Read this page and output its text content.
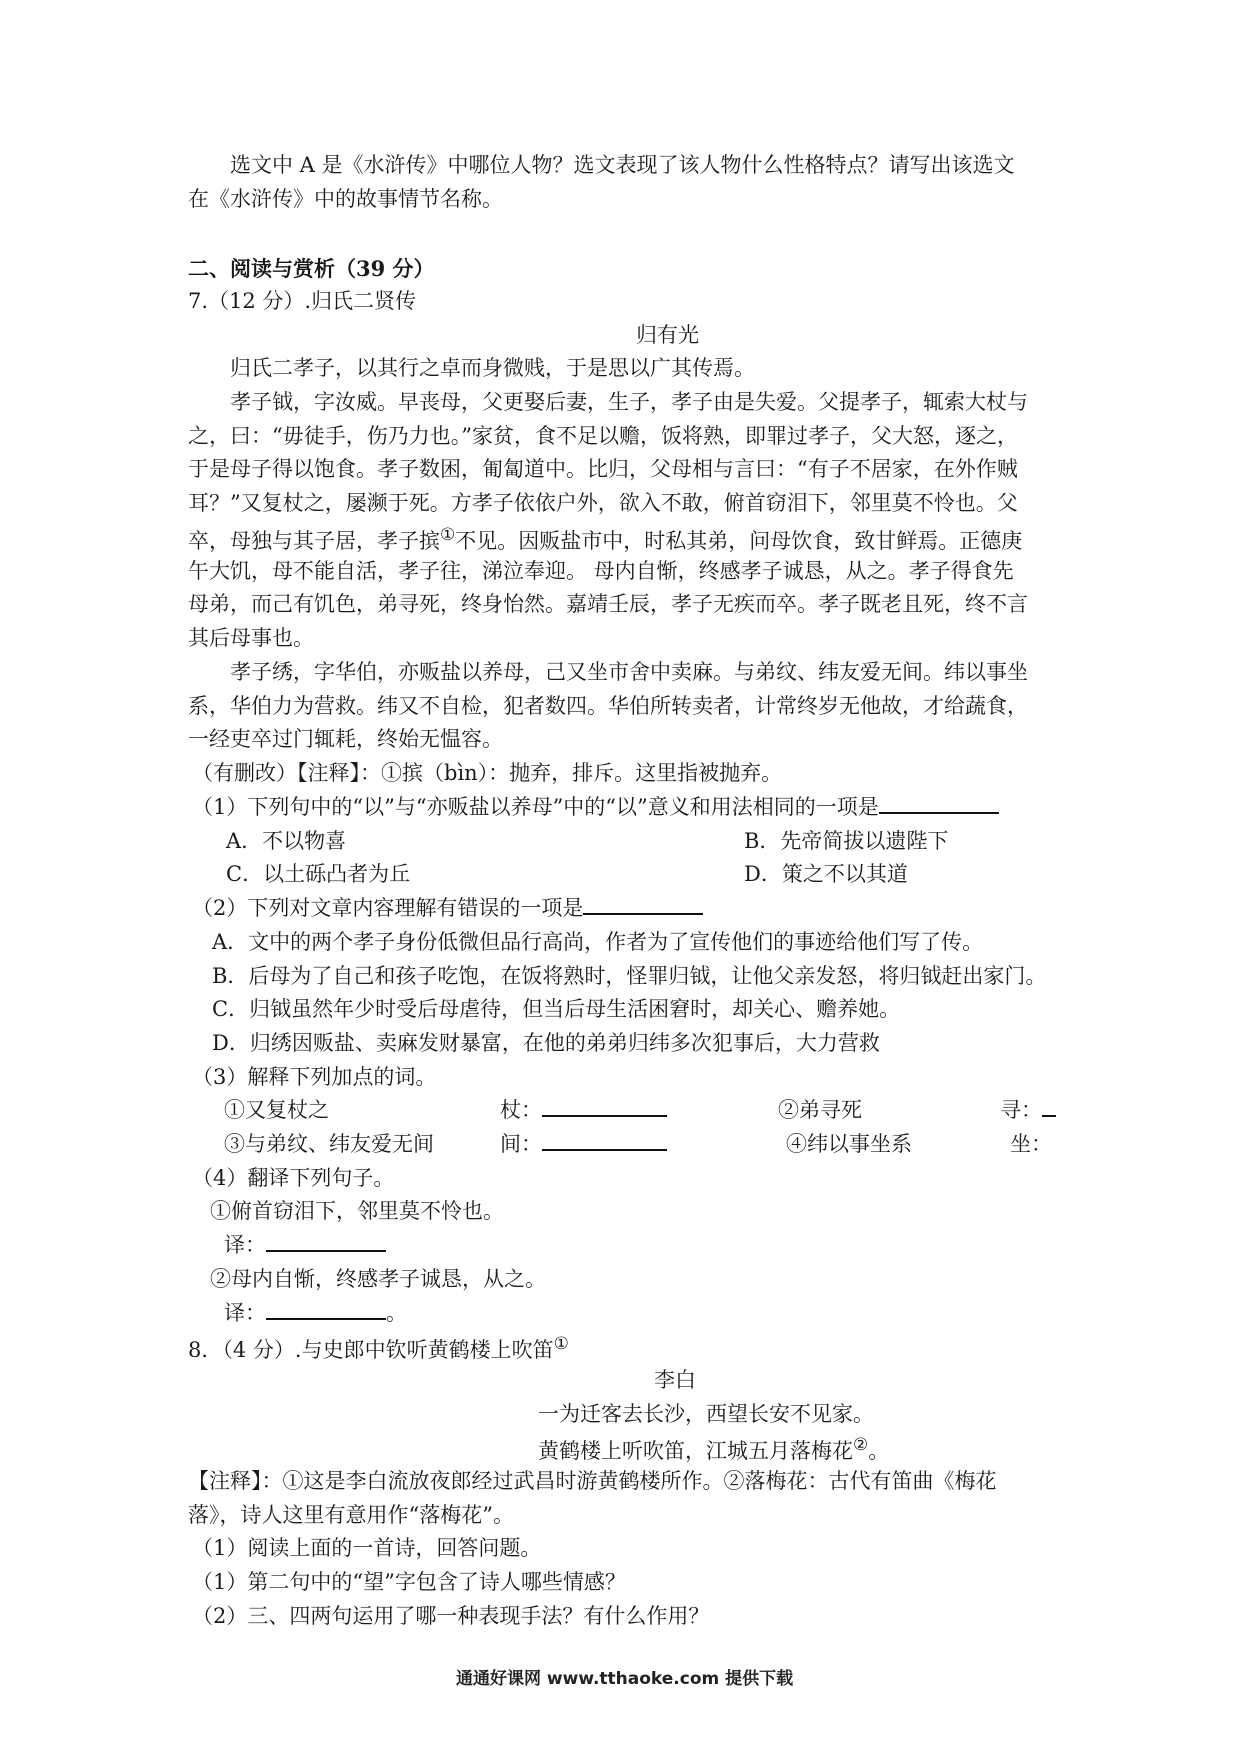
选文中 A 是《水浒传》中哪位人物？选文表现了该人物什么性格特点？请写出该选文
在《水浒传》中的故事情节名称。
二、阅读与赏析（39 分）
7.（12 分）.归氏二贤传
归有光
归氏二孝子，以其行之卓而身微贱，于是思以广其传焉。
孝子钺，字汝威。早丧母，父更娶后妻，生子，孝子由是失爱。父提孝子，辄索大杖与
之，曰：“毋徒手，伤乃力也。”家贫，食不足以赡，饭将熟，即罪过孝子，父大怒，逐之，
于是母子得以饱食。孝子数困，匍匐道中。比归，父母相与言曰：“有子不居家，在外作贼
耳？”又复杖之，屡濒于死。方孝子依依户外，欲入不敢，俯首窃泪下，邻里莫不怜也。父
卒，母独与其子居，孝子摈①不见。因贩盐市中，时私其弟，问母饮食，致甘鲜焉。正德庚
午大饥，母不能自活，孝子往，涕泣奉迎。 母内自惭，终感孝子诚恳，从之。孝子得食先
母弟，而己有饥色，弟寻死，终身怡然。嘉靖壬辰，孝子无疾而卒。孝子既老且死，终不言
其后母事也。
孝子绣，字华伯，亦贩盐以养母，己又坐市舍中卖麻。与弟纹、纬友爱无间。纬以事坐
系，华伯力为营救。纬又不自检，犯者数四。华伯所转卖者，计常终岁无他故，才给蔬食，
一经吏卒过门辄耗，终始无愠容。
（有删改）【注释】：①摈（bìn）：抛弃，排斥。这里指被抛弃。
（1）下列句中的“以”与“亦贩盐以养母”中的“以”意义和用法相同的一项是
A．不以物喜	B．先帝简拔以遗陛下
C．以土砾凸者为丘	D．策之不以其道
（2）下列对文章内容理解有错误的一项是
A．文中的两个孝子身份低微但品行高尚，作者为了宣传他们的事迹给他们写了传。
B．后母为了自己和孩子吃饱，在饭将熟时，怪罪归钺，让他父亲发怒，将归钺赶出家门。
C．归钺虽然年少时受后母虐待，但当后母生活困窘时，却关心、赡养她。
D．归绣因贩盐、卖麻发财暴富，在他的弟弟归纬多次犯事后，大力营救
（3）解释下列加点的词。
①又复杖之	杖：	②弟寻死	寻：
③与弟纹、纬友爱无间	间：	④纬以事坐系	坐：
（4）翻译下列句子。
①俯首窃泪下，邻里莫不怜也。
译：
②母内自惭，终感孝子诚恳，从之。
译：	。
8．（4 分）.与史郎中钦听黄鹤楼上吹笛①
李白
一为迁客去长沙，西望长安不见家。
黄鹤楼上听吹笛，江城五月落梅花②。
【注释】：①这是李白流放夜郎经过武昌时游黄鹤楼所作。②落梅花：古代有笛曲《梅花
落》，诗人这里有意用作“落梅花”。
（1）阅读上面的一首诗，回答问题。
（1）第二句中的“望”字包含了诗人哪些情感？
（2）三、四两句运用了哪一种表现手法？有什么作用？
通通好课网 www.tthaoke.com 提供下载
